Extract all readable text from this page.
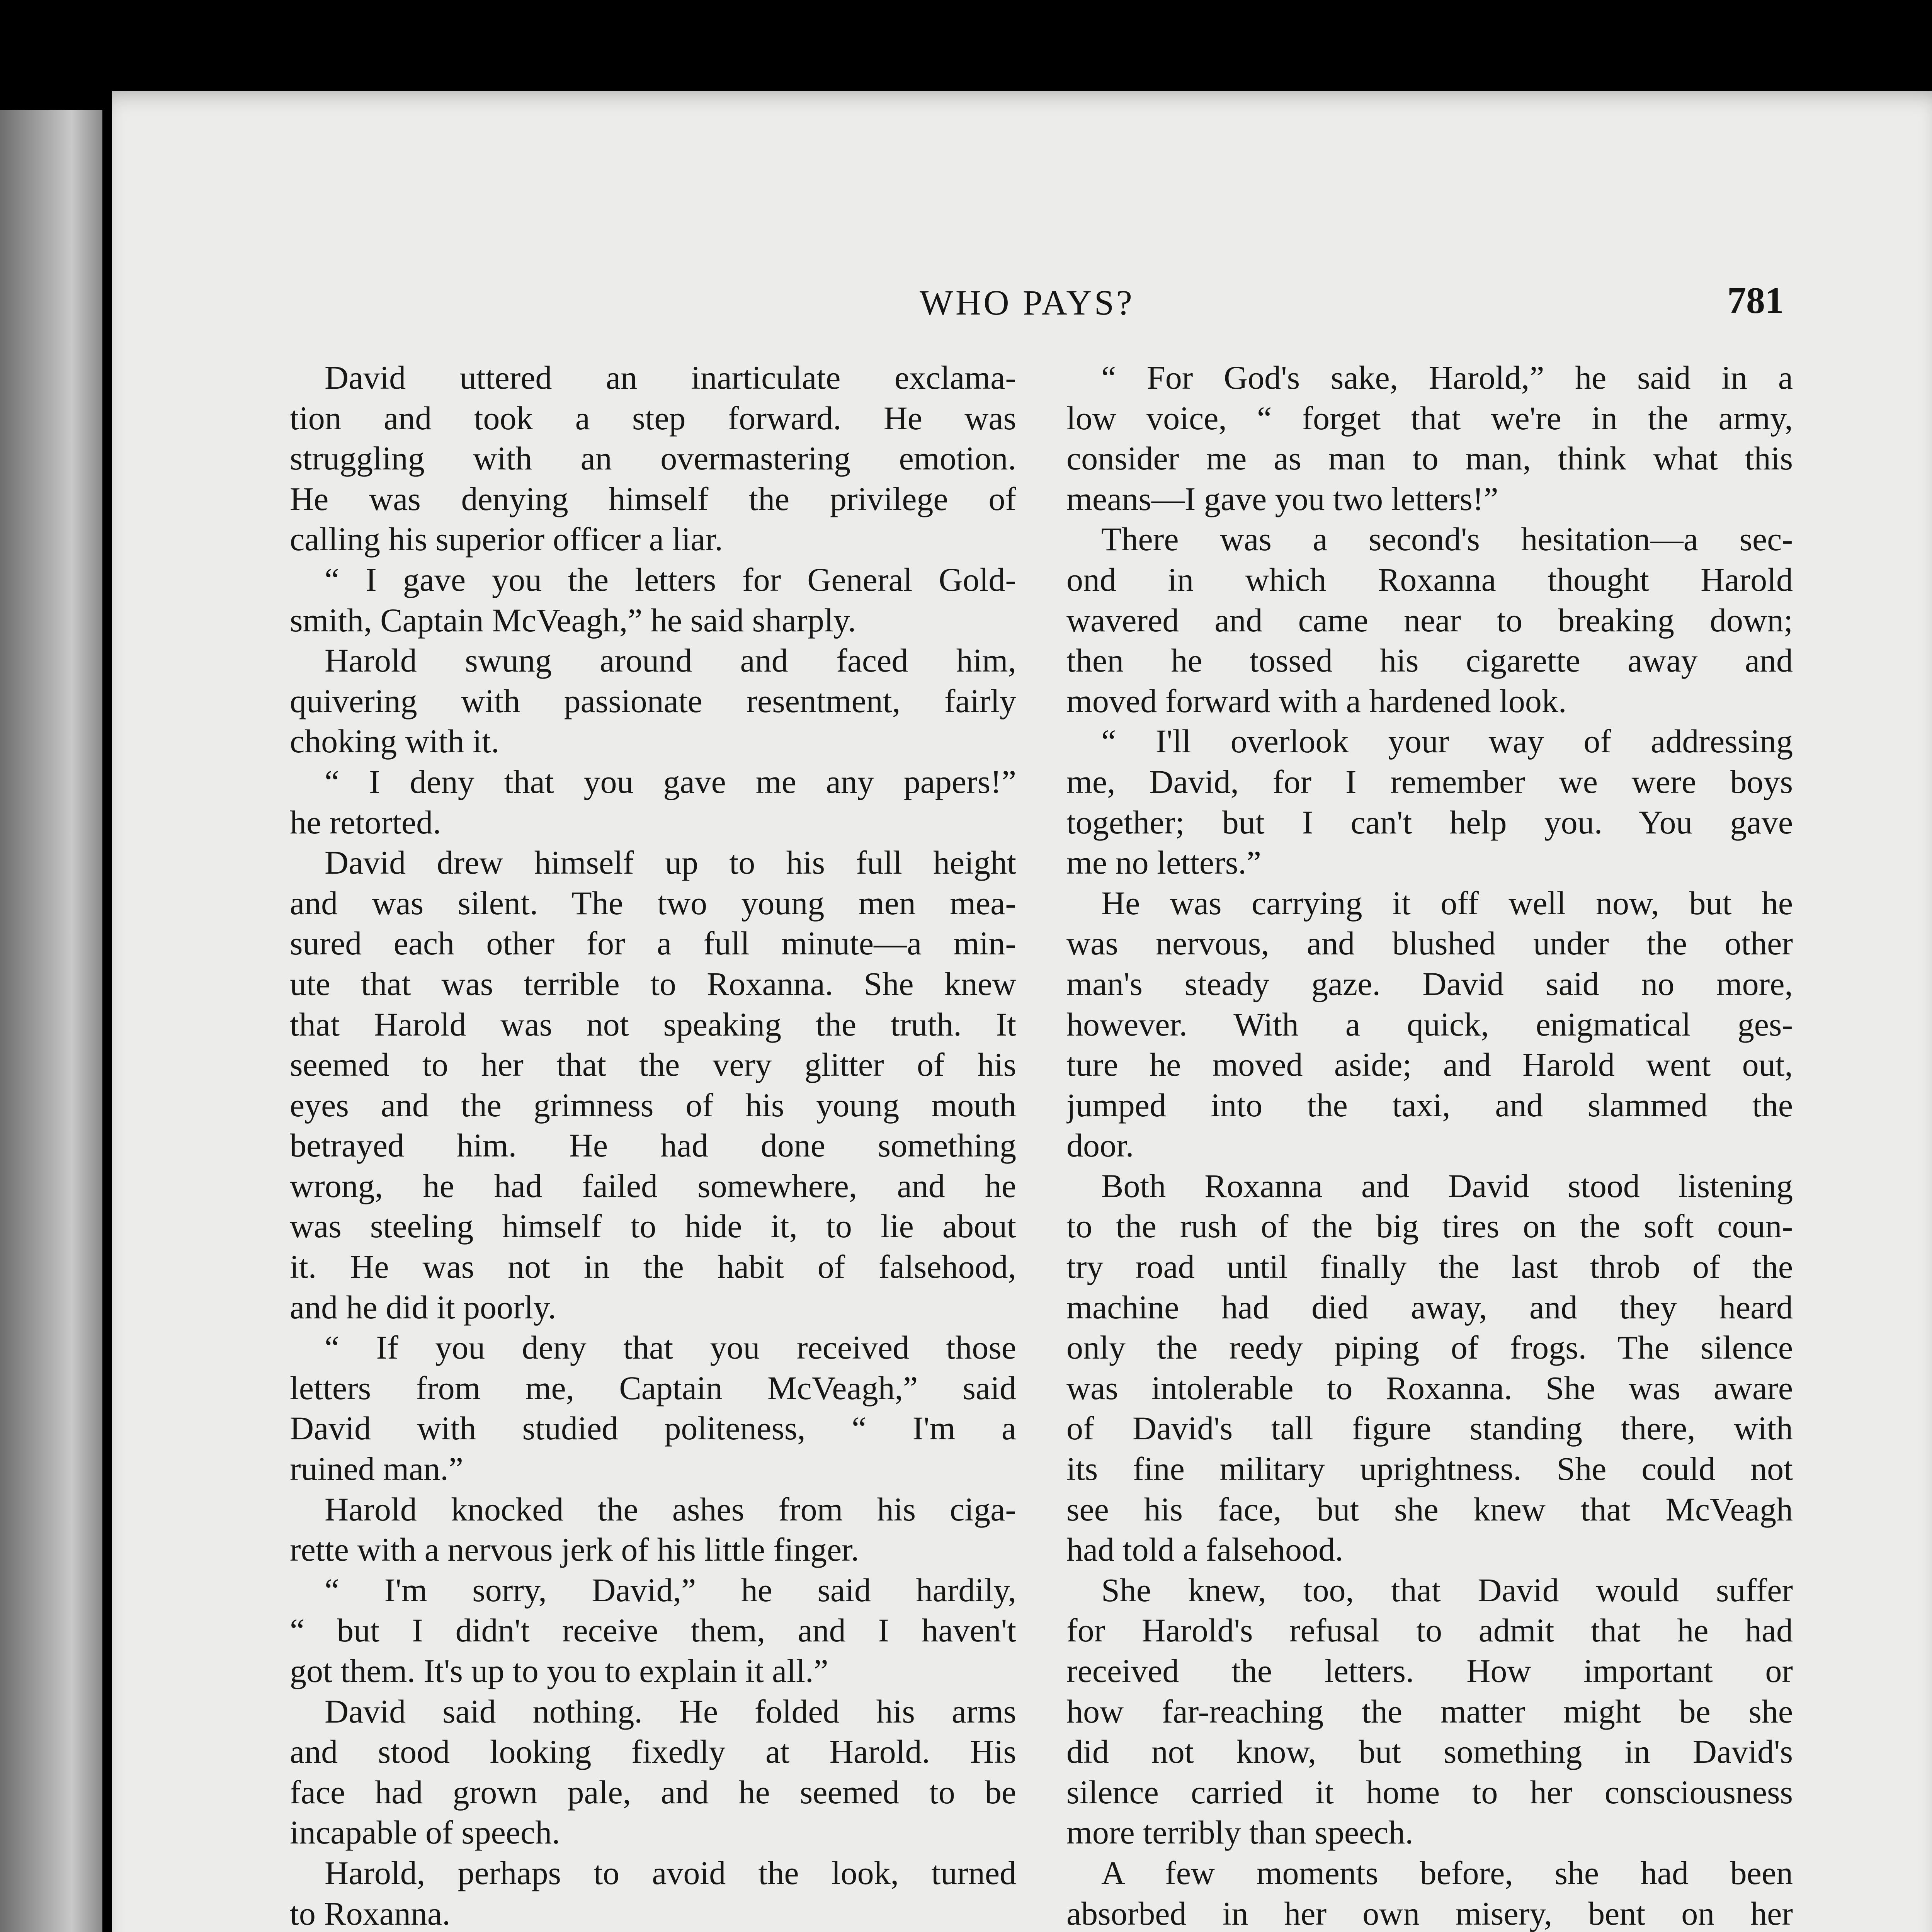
WHO PAYS?	781
David uttered an inarticulate exclama-
tion and took a step forward. He was
struggling with an overmastering emotion.
He was denying himself the privilege of
calling his superior officer a liar.
“ I gave you the letters for General Gold-
smith, Captain McVeagh,” he said sharply.
Harold swung around and faced him,
quivering with passionate resentment, fairly
choking with it.
“ I deny that you gave me any papers!”
he retorted.
David drew himself up to his full height
and was silent. The two young men mea-
sured each other for a full minute—a min-
ute that was terrible to Roxanna. She knew
that Harold was not speaking the truth. It
seemed to her that the very glitter of his
eyes and the grimness of his young mouth
betrayed him. He had done something
wrong, he had failed somewhere, and he
was steeling himself to hide it, to lie about
it. He was not in the habit of falsehood,
and he did it poorly.
“ If you deny that you received those
letters from me, Captain McVeagh,” said
David with studied politeness, “ I'm a
ruined man.”
Harold knocked the ashes from his ciga-
rette with a nervous jerk of his little finger.
“ I'm sorry, David,” he said hardily,
“ but I didn't receive them, and I haven't
got them. It's up to you to explain it all.”
David said nothing. He folded his arms
and stood looking fixedly at Harold. His
face had grown pale, and he seemed to be
incapable of speech.
Harold, perhaps to avoid the look, turned
to Roxanna.
“ For God's sake, Harold,” he said in a
low voice, “ forget that we're in the army,
consider me as man to man, think what this
means—I gave you two letters!”
There was a second's hesitation—a sec-
ond in which Roxanna thought Harold
wavered and came near to breaking down;
then he tossed his cigarette away and
moved forward with a hardened look.
“ I'll overlook your way of addressing
me, David, for I remember we were boys
together; but I can't help you. You gave
me no letters.”
He was carrying it off well now, but he
was nervous, and blushed under the other
man's steady gaze. David said no more,
however. With a quick, enigmatical ges-
ture he moved aside; and Harold went out,
jumped into the taxi, and slammed the
door.
Both Roxanna and David stood listening
to the rush of the big tires on the soft coun-
try road until finally the last throb of the
machine had died away, and they heard
only the reedy piping of frogs. The silence
was intolerable to Roxanna. She was aware
of David's tall figure standing there, with
its fine military uprightness. She could not
see his face, but she knew that McVeagh
had told a falsehood.
She knew, too, that David would suffer
for Harold's refusal to admit that he had
received the letters. How important or
how far-reaching the matter might be she
did not know, but something in David's
silence carried it home to her consciousness
more terribly than speech.
A few moments before, she had been
absorbed in her own misery, bent on her
